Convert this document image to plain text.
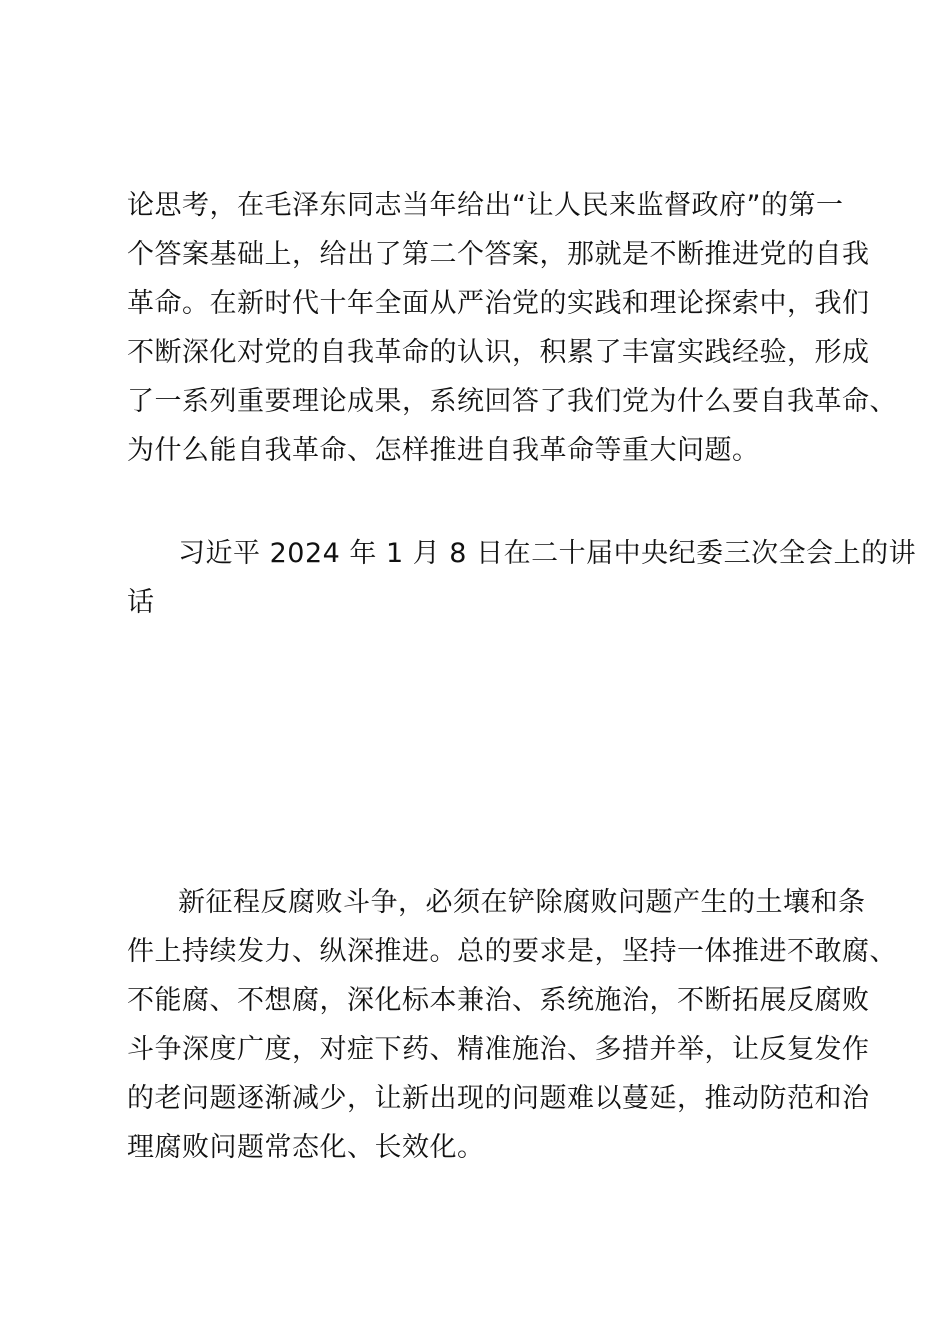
论思考，在毛泽东同志当年给出“让人民来监督政府”的第一
个答案基础上，给出了第二个答案，那就是不断推进党的自我
革命。在新时代十年全面从严治党的实践和理论探索中，我们
不断深化对党的自我革命的认识，积累了丰富实践经验，形成
了一系列重要理论成果，系统回答了我们党为什么要自我革命、
为什么能自我革命、怎样推进自我革命等重大问题。
习近平 2024 年 1 月 8 日在二十届中央纪委三次全会上的讲
话
新征程反腐败斗争，必须在铲除腐败问题产生的土壤和条
件上持续发力、纵深推进。总的要求是，坚持一体推进不敢腐、
不能腐、不想腐，深化标本兼治、系统施治，不断拓展反腐败
斗争深度广度，对症下药、精准施治、多措并举，让反复发作
的老问题逐渐减少，让新出现的问题难以蔓延，推动防范和治
理腐败问题常态化、长效化。
